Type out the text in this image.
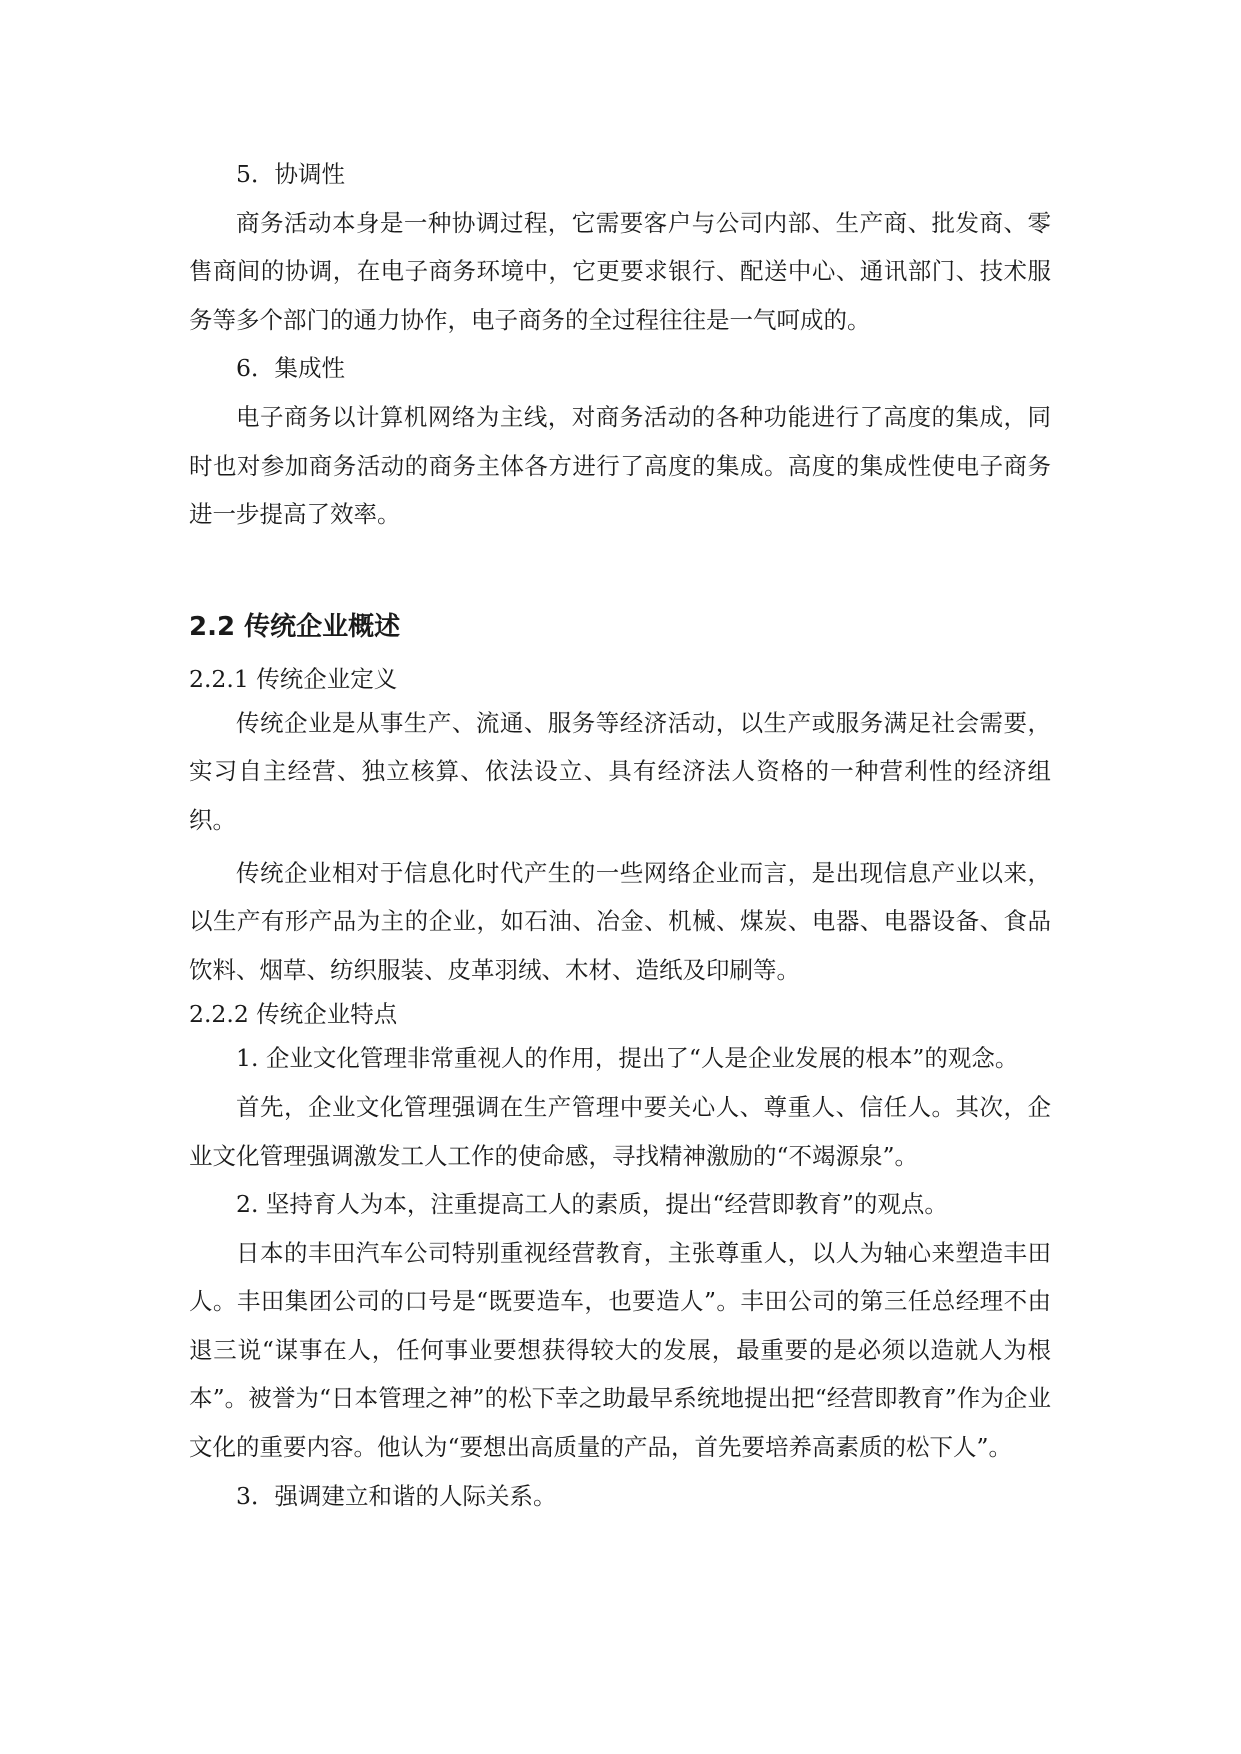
5．协调性

商务活动本身是一种协调过程，它需要客户与公司内部、生产商、批发商、零售商间的协调，在电子商务环境中，它更要求银行、配送中心、通讯部门、技术服务等多个部门的通力协作，电子商务的全过程往往是一气呵成的。

6．集成性

电子商务以计算机网络为主线，对商务活动的各种功能进行了高度的集成，同时也对参加商务活动的商务主体各方进行了高度的集成。高度的集成性使电子商务进一步提高了效率。

2.2 传统企业概述

2.2.1 传统企业定义

传统企业是从事生产、流通、服务等经济活动，以生产或服务满足社会需要，实习自主经营、独立核算、依法设立、具有经济法人资格的一种营利性的经济组织。

传统企业相对于信息化时代产生的一些网络企业而言，是出现信息产业以来，以生产有形产品为主的企业，如石油、冶金、机械、煤炭、电器、电器设备、食品饮料、烟草、纺织服装、皮革羽绒、木材、造纸及印刷等。

2.2.2 传统企业特点

1. 企业文化管理非常重视人的作用，提出了“人是企业发展的根本”的观念。

首先，企业文化管理强调在生产管理中要关心人、尊重人、信任人。其次，企业文化管理强调激发工人工作的使命感，寻找精神激励的“不竭源泉”。

2. 坚持育人为本，注重提高工人的素质，提出“经营即教育”的观点。

日本的丰田汽车公司特别重视经营教育，主张尊重人，以人为轴心来塑造丰田人。丰田集团公司的口号是“既要造车，也要造人”。丰田公司的第三任总经理不由退三说“谋事在人，任何事业要想获得较大的发展，最重要的是必须以造就人为根本”。被誉为“日本管理之神”的松下幸之助最早系统地提出把“经营即教育”作为企业文化的重要内容。他认为“要想出高质量的产品，首先要培养高素质的松下人”。

3．强调建立和谐的人际关系。
